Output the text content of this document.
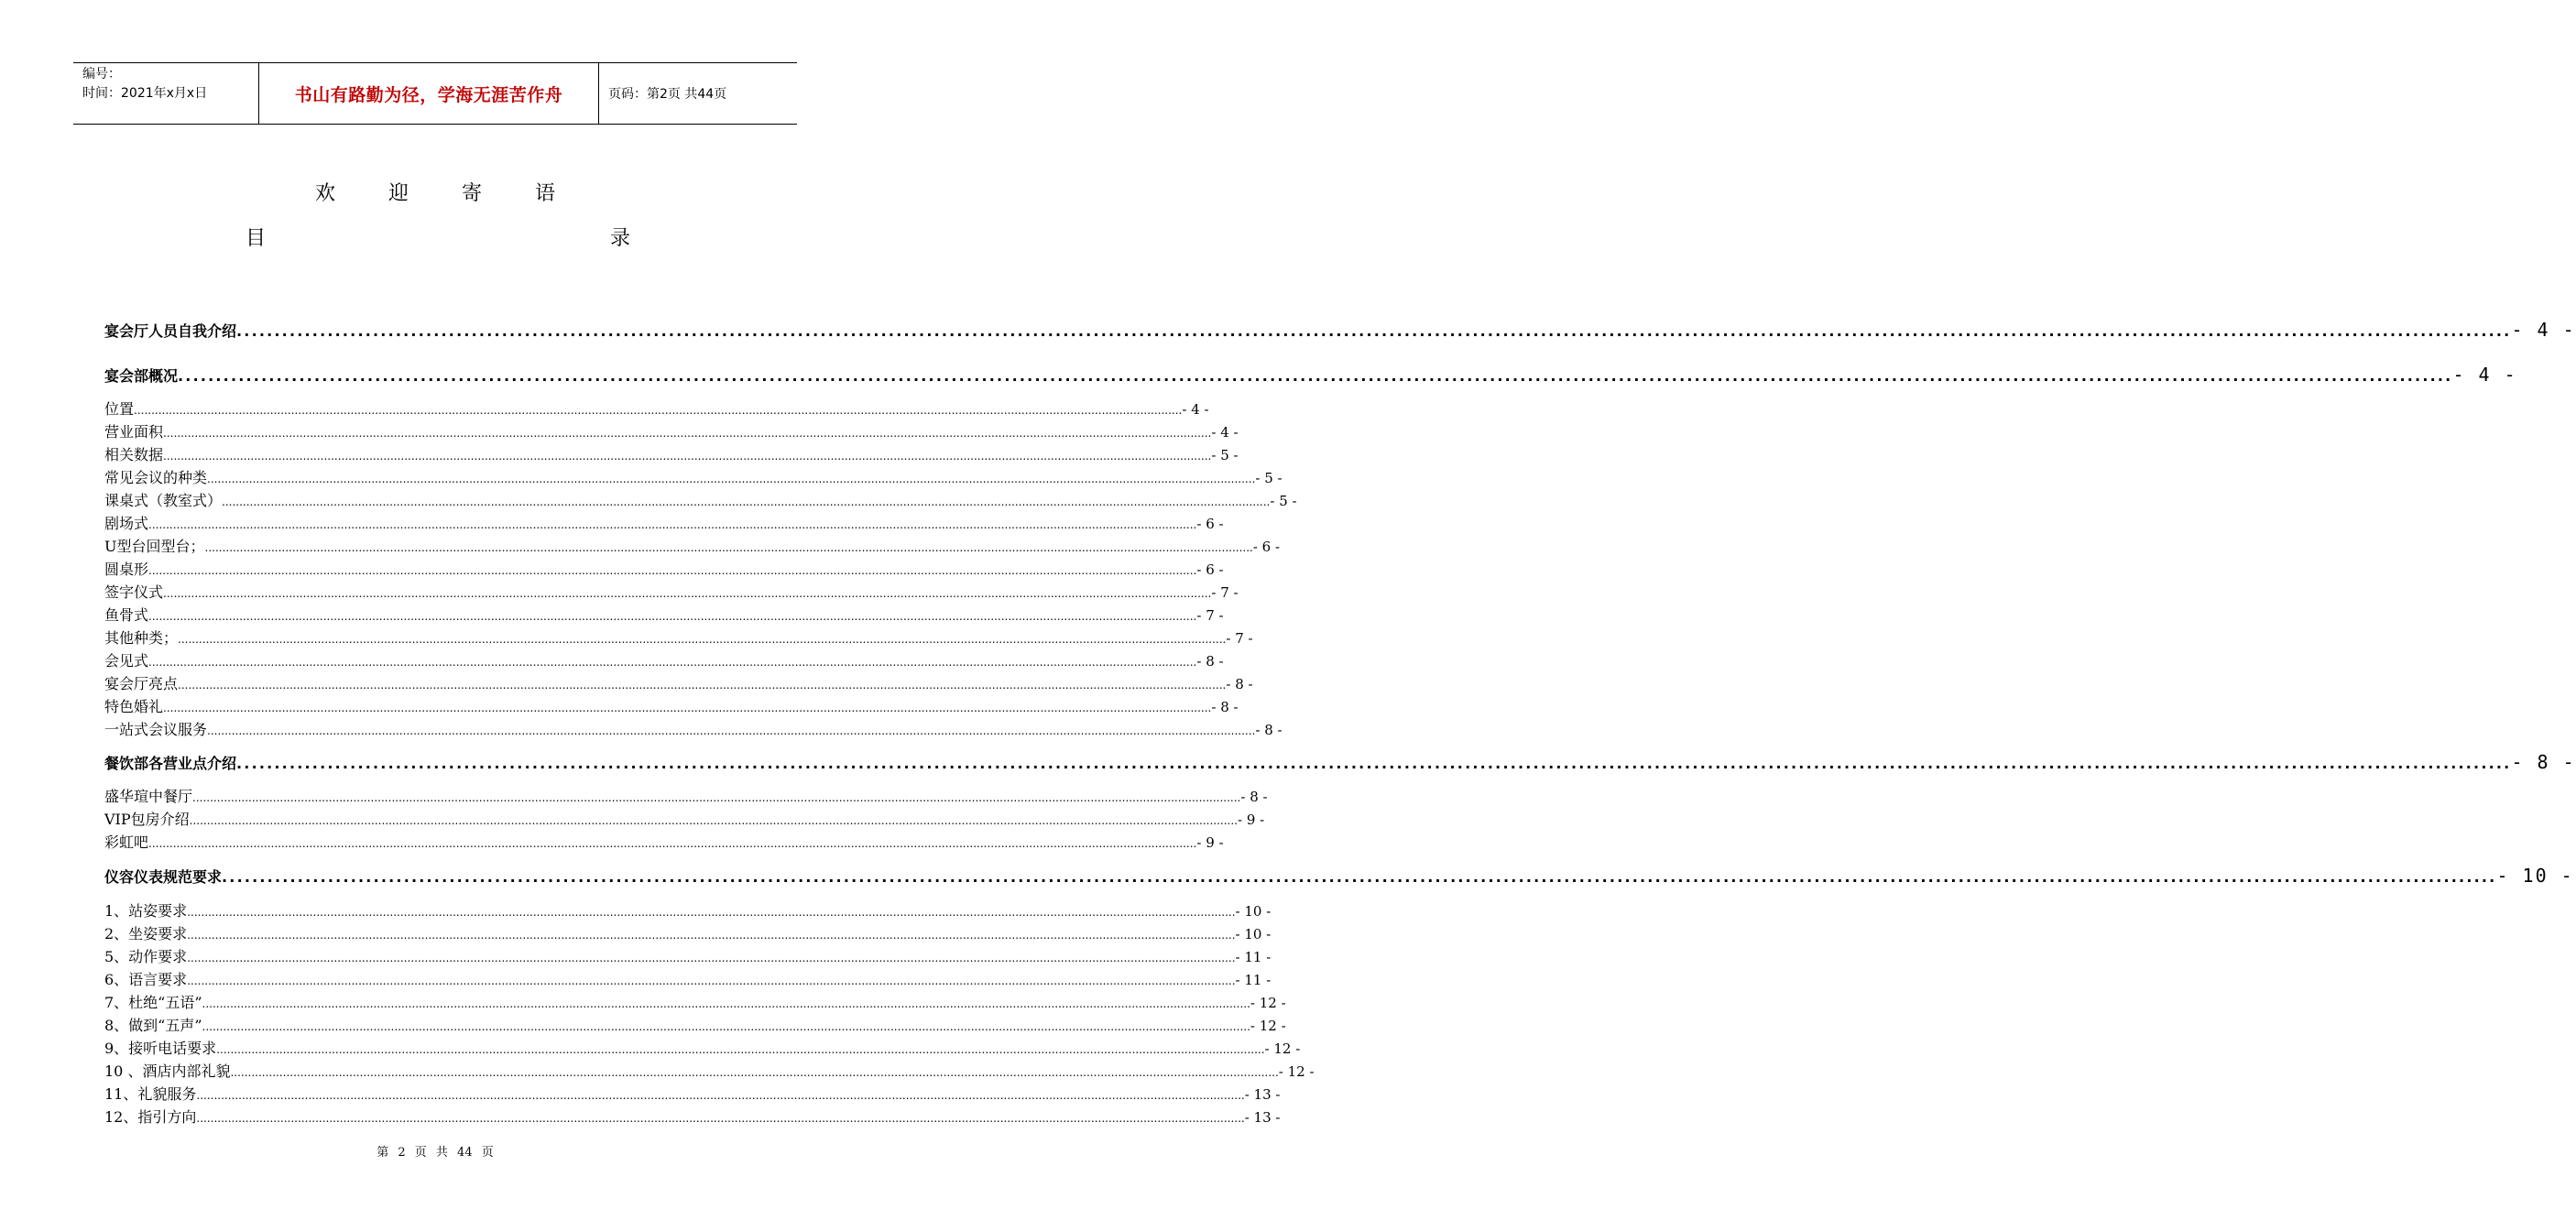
编号：
时间：2021年x月x日	书山有路勤为径，学海无涯苦作舟	页码：第2页 共44页
欢迎寄语
目	录
宴会厅人员自我介绍 ............................................................................................................................................................................................................................................................................................................ - 4 -
宴会部概况 ............................................................................................................................................................................................................................................................................................................ - 4 -
位置 ............................................................................................................................................................................................................................................................................................................ - 4 -
营业面积 ............................................................................................................................................................................................................................................................................................................ - 4 -
相关数据 ............................................................................................................................................................................................................................................................................................................ - 5 -
常见会议的种类 ............................................................................................................................................................................................................................................................................................................ - 5 -
课桌式（教室式） ............................................................................................................................................................................................................................................................................................................ - 5 -
剧场式 ............................................................................................................................................................................................................................................................................................................ - 6 -
U型台回型台； ............................................................................................................................................................................................................................................................................................................ - 6 -
圆桌形 ............................................................................................................................................................................................................................................................................................................ - 6 -
签字仪式 ............................................................................................................................................................................................................................................................................................................ - 7 -
鱼骨式 ............................................................................................................................................................................................................................................................................................................ - 7 -
其他种类； ............................................................................................................................................................................................................................................................................................................ - 7 -
会见式 ............................................................................................................................................................................................................................................................................................................ - 8 -
宴会厅亮点 ............................................................................................................................................................................................................................................................................................................ - 8 -
特色婚礼 ............................................................................................................................................................................................................................................................................................................ - 8 -
一站式会议服务 ............................................................................................................................................................................................................................................................................................................ - 8 -
餐饮部各营业点介绍 ............................................................................................................................................................................................................................................................................................................ - 8 -
盛华瑄中餐厅 ............................................................................................................................................................................................................................................................................................................ - 8 -
VIP包房介绍 ............................................................................................................................................................................................................................................................................................................ - 9 -
彩虹吧 ............................................................................................................................................................................................................................................................................................................ - 9 -
仪容仪表规范要求 ............................................................................................................................................................................................................................................................................................................ - 10 -
1、站姿要求 ............................................................................................................................................................................................................................................................................................................ - 10 -
2、坐姿要求 ............................................................................................................................................................................................................................................................................................................ - 10 -
5、动作要求 ............................................................................................................................................................................................................................................................................................................ - 11 -
6、语言要求 ............................................................................................................................................................................................................................................................................................................ - 11 -
7、杜绝“五语” ............................................................................................................................................................................................................................................................................................................ - 12 -
8、做到“五声” ............................................................................................................................................................................................................................................................................................................ - 12 -
9、接听电话要求 ............................................................................................................................................................................................................................................................................................................ - 12 -
10 、酒店内部礼貌 ............................................................................................................................................................................................................................................................................................................ - 12 -
11、礼貌服务 ............................................................................................................................................................................................................................................................................................................ - 13 -
12、指引方向 ............................................................................................................................................................................................................................................................................................................ - 13 -
第 2 页 共 44 页
